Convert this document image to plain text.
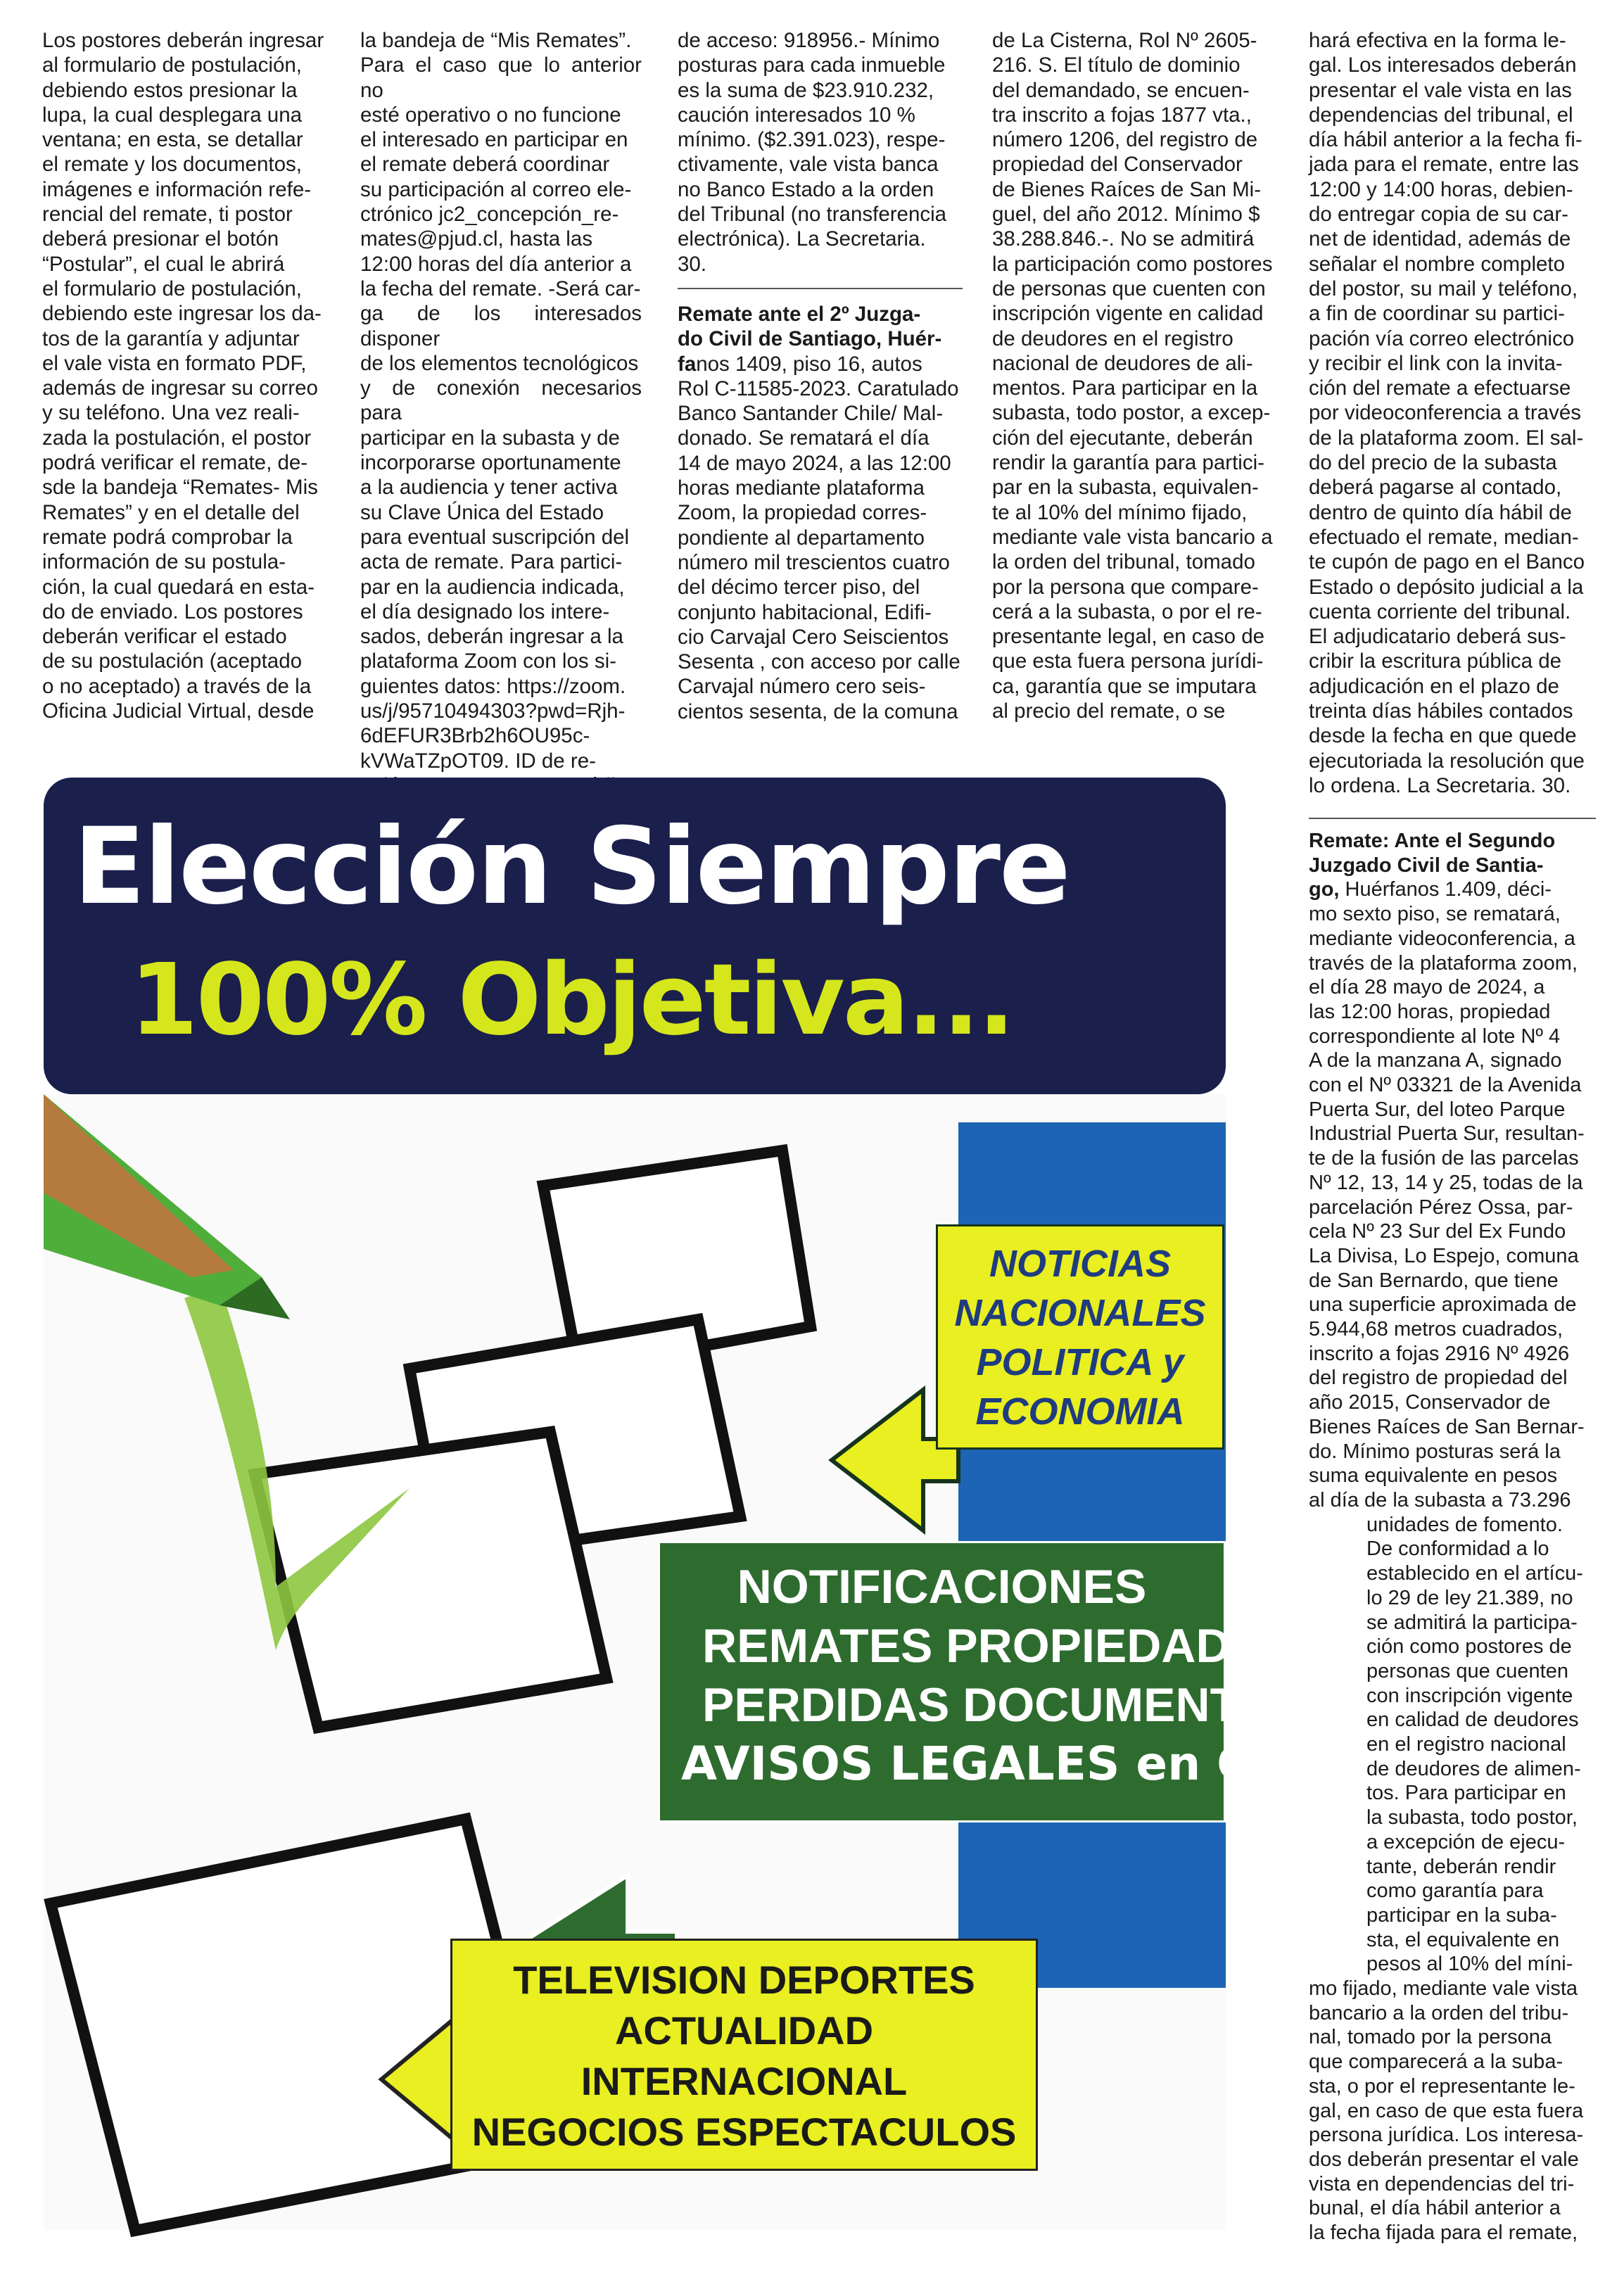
Los postores deberán ingresar
al formulario de postulación,
debiendo estos presionar la
lupa, la cual desplegara una
ventana; en esta, se detallar
el remate y los documentos,
imágenes e información refe-
rencial del remate, ti postor
deberá presionar el botón
“Postular”, el cual le abrirá
el formulario de postulación,
debiendo este ingresar los da-
tos de la garantía y adjuntar
el vale vista en formato PDF,
además de ingresar su correo
y su teléfono. Una vez reali-
zada la postulación, el postor
podrá verificar el remate, de-
sde la bandeja “Remates- Mis
Remates” y en el detalle del
remate podrá comprobar la
información de su postula-
ción, la cual quedará en esta-
do de enviado. Los postores
deberán verificar el estado
de su postulación (aceptado
o no aceptado) a través de la
Oficina Judicial Virtual, desde

la bandeja de “Mis Remates”.
Para el caso que lo anterior no
esté operativo o no funcione
el interesado en participar en
el remate deberá coordinar
su participación al correo ele-
ctrónico jc2_concepción_re-
mates@pjud.cl, hasta las
12:00 horas del día anterior a
la fecha del remate. -Será car-
ga de los interesados disponer
de los elementos tecnológicos
y de conexión necesarios para
participar en la subasta y de
incorporarse oportunamente
a la audiencia y tener activa
su Clave Única del Estado
para eventual suscripción del
acta de remate. Para partici-
par en la audiencia indicada,
el día designado los intere-
sados, deberán ingresar a la
plataforma Zoom con los si-
guientes datos: https://zoom.
us/j/95710494303?pwd=Rjh-
6dEFUR3Brb2h6OU95c-
kVWaTZpOT09. ID de re-

de acceso: 918956.- Mínimo
posturas para cada inmueble
es la suma de $23.910.232,
caución interesados 10 %
mínimo. ($2.391.023), respe-
ctivamente, vale vista banca
no Banco Estado a la orden
del Tribunal (no transferencia
electrónica). La Secretaria.
30.

Remate ante el 2º Juzga-
do Civil de Santiago, Huér-
fanos 1409, piso 16, autos
Rol C-11585-2023. Caratulado
Banco Santander Chile/ Mal-
donado. Se rematará el día
14 de mayo 2024, a las 12:00
horas mediante plataforma
Zoom, la propiedad corres-
pondiente al departamento
número mil trescientos cuatro
del décimo tercer piso, del
conjunto habitacional, Edifi-
cio Carvajal Cero Seiscientos
Sesenta , con acceso por calle
Carvajal número cero seis-
cientos sesenta, de la comuna

de La Cisterna, Rol Nº 2605-
216. S. El título de dominio
del demandado, se encuen-
tra inscrito a fojas 1877 vta.,
número 1206, del registro de
propiedad del Conservador
de Bienes Raíces de San Mi-
guel, del año 2012. Mínimo $
38.288.846.-. No se admitirá
la participación como postores
de personas que cuenten con
inscripción vigente en calidad
de deudores en el registro
nacional de deudores de ali-
mentos. Para participar en la
subasta, todo postor, a excep-
ción del ejecutante, deberán
rendir la garantía para partici-
par en la subasta, equivalen-
te al 10% del mínimo fijado,
mediante vale vista bancario a
la orden del tribunal, tomado
por la persona que compare-
cerá a la subasta, o por el re-
presentante legal, en caso de
que esta fuera persona jurídi-
ca, garantía que se imputara
al precio del remate, o se

hará efectiva en la forma le-
gal. Los interesados deberán
presentar el vale vista en las
dependencias del tribunal, el
día hábil anterior a la fecha fi-
jada para el remate, entre las
12:00 y 14:00 horas, debien-
do entregar copia de su car-
net de identidad, además de
señalar el nombre completo
del postor, su mail y teléfono,
a fin de coordinar su partici-
pación vía correo electrónico
y recibir el link con la invita-
ción del remate a efectuarse
por videoconferencia a través
de la plataforma zoom. El sal-
do del precio de la subasta
deberá pagarse al contado,
dentro de quinto día hábil de
efectuado el remate, median-
te cupón de pago en el Banco
Estado o depósito judicial a la
cuenta corriente del tribunal.
El adjudicatario deberá sus-
cribir la escritura pública de
adjudicación en el plazo de
treinta días hábiles contados
desde la fecha en que quede
ejecutoriada la resolución que
lo ordena. La Secretaria. 30.

Remate: Ante el Segundo
Juzgado Civil de Santia-
go, Huérfanos 1.409, déci-
mo sexto piso, se rematará,
mediante videoconferencia, a
través de la plataforma zoom,
el día 28 mayo de 2024, a
las 12:00 horas, propiedad
correspondiente al lote Nº 4
A de la manzana A, signado
con el Nº 03321 de la Avenida
Puerta Sur, del loteo Parque
Industrial Puerta Sur, resultan-
te de la fusión de las parcelas
Nº 12, 13, 14 y 25, todas de la
parcelación Pérez Ossa, par-
cela Nº 23 Sur del Ex Fundo
La Divisa, Lo Espejo, comuna
de San Bernardo, que tiene
una superficie aproximada de
5.944,68 metros cuadrados,
inscrito a fojas 2916 Nº 4926
del registro de propiedad del
año 2015, Conservador de
Bienes Raíces de San Bernar-
do. Mínimo posturas será la
suma equivalente en pesos
al día de la subasta a 73.296

unidades de fomento.
De conformidad a lo
establecido en el artícu-
lo 29 de ley 21.389, no
se admitirá la participa-
ción como postores de
personas que cuenten
con inscripción vigente
en calidad de deudores
en el registro nacional
de deudores de alimen-
tos. Para participar en
la subasta, todo postor,
a excepción de ejecu-
tante, deberán rendir
como garantía para
participar en la suba-
sta, el equivalente en
pesos al 10% del míni-

mo fijado, mediante vale vista
bancario a la orden del tribu-
nal, tomado por la persona
que comparecerá a la suba-
sta, o por el representante le-
gal, en caso de que esta fuera
persona jurídica. Los interesa-
dos deberán presentar el vale
vista en dependencias del tri-
bunal, el día hábil anterior a
la fecha fijada para el remate,

Elección Siempre
100% Objetiva...
NOTICIAS
NACIONALES
POLITICA y
ECONOMIA
NOTIFICACIONES
REMATES PROPIEDAD
PERDIDAS DOCUMENT
AVISOS LEGALES en GR
TELEVISION DEPORTES
ACTUALIDAD
INTERNACIONAL
NEGOCIOS ESPECTACULOS
